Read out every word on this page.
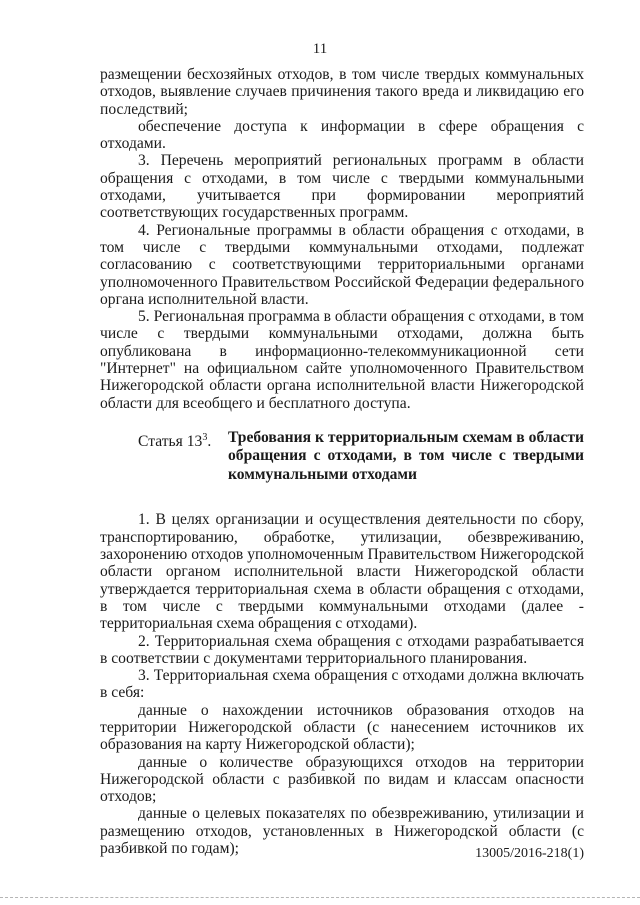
11

размещении бесхозяйных отходов, в том числе твердых коммунальных отходов, выявление случаев причинения такого вреда и ликвидацию его последствий;

обеспечение доступа к информации в сфере обращения с отходами.

3. Перечень мероприятий региональных программ в области обращения с отходами, в том числе с твердыми коммунальными отходами, учитывается при формировании мероприятий соответствующих государственных программ.

4. Региональные программы в области обращения с отходами, в том числе с твердыми коммунальными отходами, подлежат согласованию с соответствующими территориальными органами уполномоченного Правительством Российской Федерации федерального органа исполнительной власти.

5. Региональная программа в области обращения с отходами, в том числе с твердыми коммунальными отходами, должна быть опубликована в информационно-телекоммуникационной сети "Интернет" на официальном сайте уполномоченного Правительством Нижегородской области органа исполнительной власти Нижегородской области для всеобщего и бесплатного доступа.

Статья $13^3$.	Требования к территориальным схемам в области обращения с отходами, в том числе с твердыми коммунальными отходами

1. В целях организации и осуществления деятельности по сбору, транспортированию, обработке, утилизации, обезвреживанию, захоронению отходов уполномоченным Правительством Нижегородской области органом исполнительной власти Нижегородской области утверждается территориальная схема в области обращения с отходами, в том числе с твердыми коммунальными отходами (далее - территориальная схема обращения с отходами).

2. Территориальная схема обращения с отходами разрабатывается в соответствии с документами территориального планирования.

3. Территориальная схема обращения с отходами должна включать в себя:

данные о нахождении источников образования отходов на территории Нижегородской области (с нанесением источников их образования на карту Нижегородской области);

данные о количестве образующихся отходов на территории Нижегородской области с разбивкой по видам и классам опасности отходов;

данные о целевых показателях по обезвреживанию, утилизации и размещению отходов, установленных в Нижегородской области (с разбивкой по годам);	13005/2016-218(1)
